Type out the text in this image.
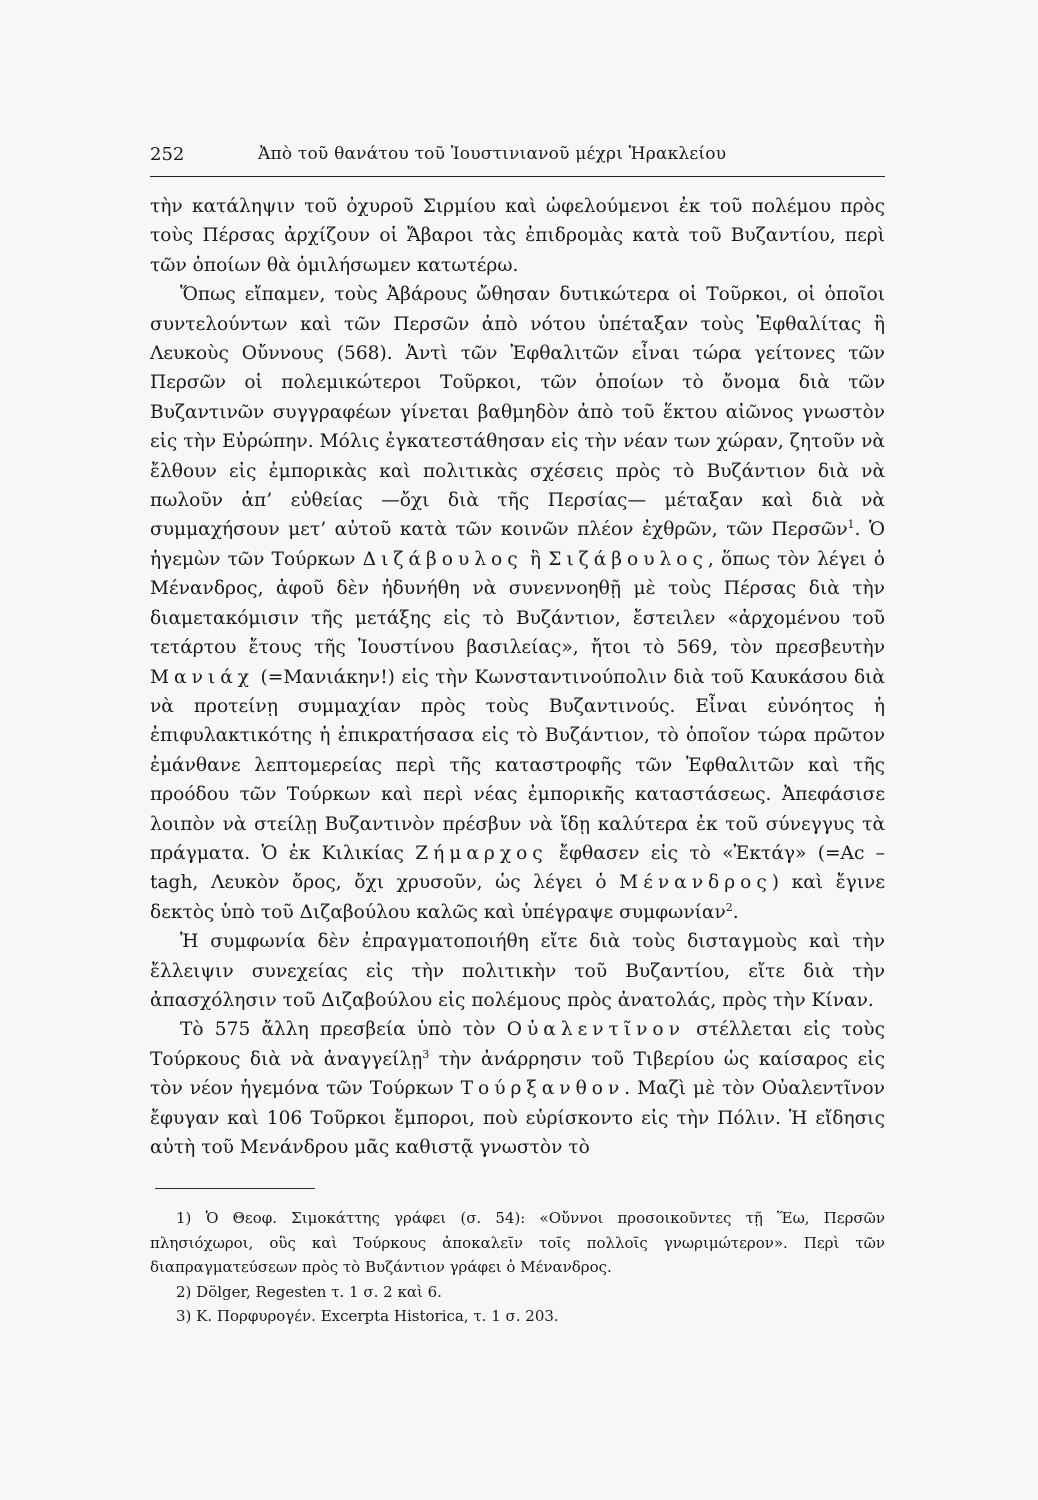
252	Ἀπὸ τοῦ θανάτου τοῦ Ἰουστινιανοῦ μέχρι Ἡρακλείου

τὴν κατάληψιν τοῦ ὀχυροῦ Σιρμίου καὶ ὠφελούμενοι ἐκ τοῦ πολέμου πρὸς τοὺς Πέρσας ἀρχίζουν οἱ Ἄβαροι τὰς ἐπιδρομὰς κατὰ τοῦ Βυζαντίου, περὶ τῶν ὁποίων θὰ ὁμιλήσωμεν κατωτέρω.

Ὅπως εἴπαμεν, τοὺς Ἀβάρους ὤθησαν δυτικώτερα οἱ Τοῦρκοι, οἱ ὁποῖοι συντελούντων καὶ τῶν Περσῶν ἀπὸ νότου ὑπέταξαν τοὺς Ἐφθαλίτας ἢ Λευκοὺς Οὔννους (568). Ἀντὶ τῶν Ἐφθαλιτῶν εἶναι τώρα γείτονες τῶν Περσῶν οἱ πολεμικώτεροι Τοῦρκοι, τῶν ὁποίων τὸ ὄνομα διὰ τῶν Βυζαντινῶν συγγραφέων γίνεται βαθμηδὸν ἀπὸ τοῦ ἕκτου αἰῶνος γνωστὸν εἰς τὴν Εὐρώπην. Μόλις ἐγκατεστάθησαν εἰς τὴν νέαν των χώραν, ζητοῦν νὰ ἔλθουν εἰς ἐμπορικὰς καὶ πολιτικὰς σχέσεις πρὸς τὸ Βυζάντιον διὰ νὰ πωλοῦν ἀπ’ εὐθείας —ὄχι διὰ τῆς Περσίας— μέταξαν καὶ διὰ νὰ συμμαχήσουν μετ’ αὐτοῦ κατὰ τῶν κοινῶν πλέον ἐχθρῶν, τῶν Περσῶν$^1$. Ὁ ἡγεμὼν τῶν Τούρκων Διζάβουλος ἢ Σιζάβουλος, ὅπως τὸν λέγει ὁ Μένανδρος, ἀφοῦ δὲν ἠδυνήθη νὰ συνεννοηθῇ μὲ τοὺς Πέρσας διὰ τὴν διαμετακόμισιν τῆς μετάξης εἰς τὸ Βυζάντιον, ἔστειλεν «ἀρχομένου τοῦ τετάρτου ἔτους τῆς Ἰουστίνου βασιλείας», ἤτοι τὸ 569, τὸν πρεσβευτὴν Μανιάχ (=Μανιάκην!) εἰς τὴν Κωνσταντινούπολιν διὰ τοῦ Καυκάσου διὰ νὰ προτείνῃ συμμαχίαν πρὸς τοὺς Βυζαντινούς. Εἶναι εὐνόητος ἡ ἐπιφυλακτικότης ἡ ἐπικρατήσασα εἰς τὸ Βυζάντιον, τὸ ὁποῖον τώρα πρῶτον ἐμάνθανε λεπτομερείας περὶ τῆς καταστροφῆς τῶν Ἐφθαλιτῶν καὶ τῆς προόδου τῶν Τούρκων καὶ περὶ νέας ἐμπορικῆς καταστάσεως. Ἀπεφάσισε λοιπὸν νὰ στείλῃ Βυζαντινὸν πρέσβυν νὰ ἴδῃ καλύτερα ἐκ τοῦ σύνεγγυς τὰ πράγματα. Ὁ ἐκ Κιλικίας Ζήμαρχος ἔφθασεν εἰς τὸ «Ἐκτάγ» (=Ac – tagh, Λευκὸν ὄρος, ὄχι χρυσοῦν, ὡς λέγει ὁ Μένανδρος) καὶ ἔγινε δεκτὸς ὑπὸ τοῦ Διζαβούλου καλῶς καὶ ὑπέγραψε συμφωνίαν$^2$.

Ἡ συμφωνία δὲν ἐπραγματοποιήθη εἴτε διὰ τοὺς δισταγμοὺς καὶ τὴν ἔλλειψιν συνεχείας εἰς τὴν πολιτικὴν τοῦ Βυζαντίου, εἴτε διὰ τὴν ἀπασχόλησιν τοῦ Διζαβούλου εἰς πολέμους πρὸς ἀνατολάς, πρὸς τὴν Κίναν.

Τὸ 575 ἄλλη πρεσβεία ὑπὸ τὸν Οὐαλεντῖνον στέλλεται εἰς τοὺς Τούρκους διὰ νὰ ἀναγγείλῃ$^3$ τὴν ἀνάρρησιν τοῦ Τιβερίου ὡς καίσαρος εἰς τὸν νέον ἡγεμόνα τῶν Τούρκων Τούρξανθον. Μαζὶ μὲ τὸν Οὐαλεντῖνον ἔφυγαν καὶ 106 Τοῦρκοι ἔμποροι, ποὺ εὑρίσκοντο εἰς τὴν Πόλιν. Ἡ εἴδησις αὐτὴ τοῦ Μενάνδρου μᾶς καθιστᾷ γνωστὸν τὸ

1) Ὁ Θεοφ. Σιμοκάττης γράφει (σ. 54): «Οὔννοι προσοικοῦντες τῇ Ἕω, Περσῶν πλησιόχωροι, οὓς καὶ Τούρκους ἀποκαλεῖν τοῖς πολλοῖς γνωριμώτερον». Περὶ τῶν διαπραγματεύσεων πρὸς τὸ Βυζάντιον γράφει ὁ Μένανδρος.

2) Dölger, Regesten τ. 1 σ. 2 καὶ 6.

3) Κ. Πορφυρογέν. Excerpta Historica, τ. 1 σ. 203.
